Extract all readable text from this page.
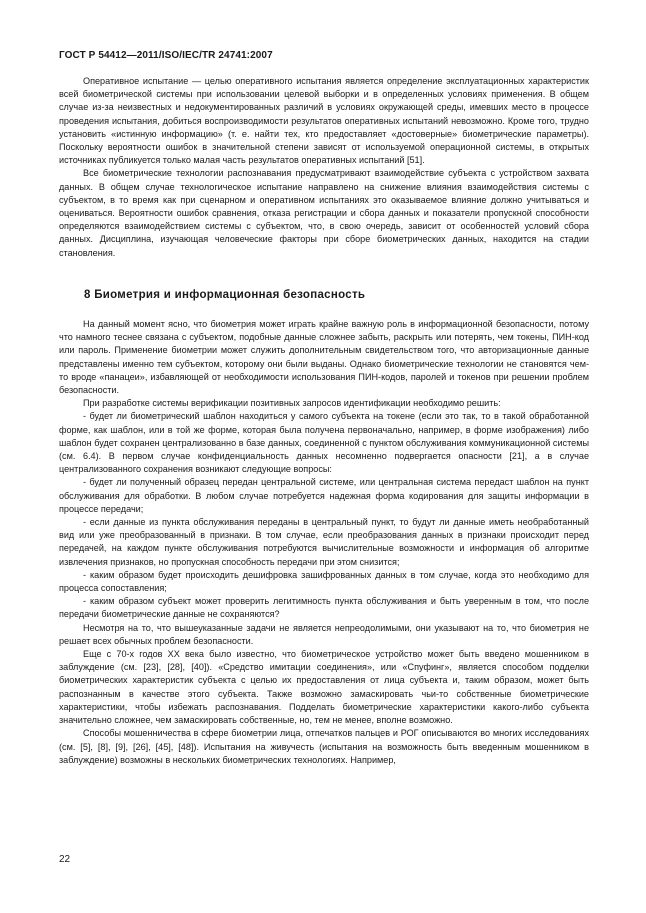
ГОСТ Р 54412—2011/ISO/IEC/TR 24741:2007

Оперативное испытание — целью оперативного испытания является определение эксплуатационных характеристик всей биометрической системы при использовании целевой выборки и в определенных условиях применения. В общем случае из-за неизвестных и недокументированных различий в условиях окружающей среды, имевших место в процессе проведения испытания, добиться воспроизводимости результатов оперативных испытаний невозможно. Кроме того, трудно установить «истинную информацию» (т. е. найти тех, кто предоставляет «достоверные» биометрические параметры). Поскольку вероятности ошибок в значительной степени зависят от используемой операционной системы, в открытых источниках публикуется только малая часть результатов оперативных испытаний [51].

Все биометрические технологии распознавания предусматривают взаимодействие субъекта с устройством захвата данных. В общем случае технологическое испытание направлено на снижение влияния взаимодействия системы с субъектом, в то время как при сценарном и оперативном испытаниях это оказываемое влияние должно учитываться и оцениваться. Вероятности ошибок сравнения, отказа регистрации и сбора данных и показатели пропускной способности определяются взаимодействием системы с субъектом, что, в свою очередь, зависит от особенностей условий сбора данных. Дисциплина, изучающая человеческие факторы при сборе биометрических данных, находится на стадии становления.

8 Биометрия и информационная безопасность

На данный момент ясно, что биометрия может играть крайне важную роль в информационной безопасности, потому что намного теснее связана с субъектом, подобные данные сложнее забыть, раскрыть или потерять, чем токены, ПИН-код или пароль. Применение биометрии может служить дополнительным свидетельством того, что авторизационные данные представлены именно тем субъектом, которому они были выданы. Однако биометрические технологии не становятся чем-то вроде «панацеи», избавляющей от необходимости использования ПИН-кодов, паролей и токенов при решении проблем безопасности.

При разработке системы верификации позитивных запросов идентификации необходимо решить:

- будет ли биометрический шаблон находиться у самого субъекта на токене (если это так, то в такой обработанной форме, как шаблон, или в той же форме, которая была получена первоначально, например, в форме изображения) либо шаблон будет сохранен централизованно в базе данных, соединенной с пунктом обслуживания коммуникационной системы (см. 6.4). В первом случае конфиденциальность данных несомненно подвергается опасности [21], а в случае централизованного сохранения возникают следующие вопросы:

- будет ли полученный образец передан центральной системе, или центральная система передаст шаблон на пункт обслуживания для обработки. В любом случае потребуется надежная форма кодирования для защиты информации в процессе передачи;

- если данные из пункта обслуживания переданы в центральный пункт, то будут ли данные иметь необработанный вид или уже преобразованный в признаки. В том случае, если преобразования данных в признаки происходит перед передачей, на каждом пункте обслуживания потребуются вычислительные возможности и информация об алгоритме извлечения признаков, но пропускная способность передачи при этом снизится;

- каким образом будет происходить дешифровка зашифрованных данных в том случае, когда это необходимо для процесса сопоставления;

- каким образом субъект может проверить легитимность пункта обслуживания и быть уверенным в том, что после передачи биометрические данные не сохраняются?

Несмотря на то, что вышеуказанные задачи не является непреодолимыми, они указывают на то, что биометрия не решает всех обычных проблем безопасности.

Еще с 70-х годов XX века было известно, что биометрическое устройство может быть введено мошенником в заблуждение (см. [23], [28], [40]). «Средство имитации соединения», или «Спуфинг», является способом подделки биометрических характеристик субъекта с целью их предоставления от лица субъекта и, таким образом, может быть распознанным в качестве этого субъекта. Также возможно замаскировать чьи-то собственные биометрические характеристики, чтобы избежать распознавания. Подделать биометрические характеристики какого-либо субъекта значительно сложнее, чем замаскировать собственные, но, тем не менее, вполне возможно.

Способы мошенничества в сфере биометрии лица, отпечатков пальцев и РОГ описываются во многих исследованиях (см. [5], [8], [9], [26], [45], [48]). Испытания на живучесть (испытания на возможность быть введенным мошенником в заблуждение) возможны в нескольких биометрических технологиях. Например,

22
